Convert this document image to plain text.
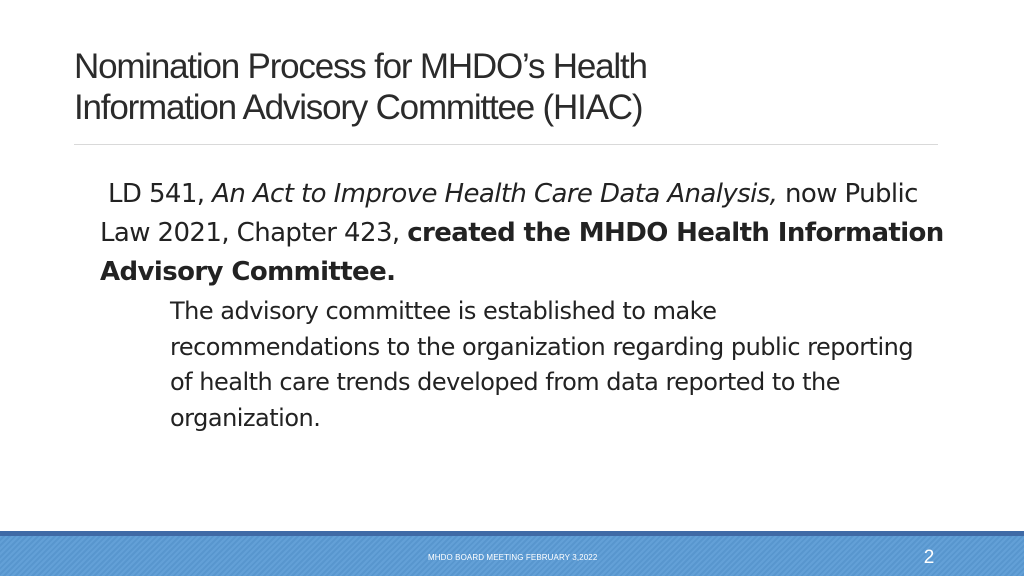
Nomination Process for MHDO’s Health
Information Advisory Committee (HIAC)

LD 541, An Act to Improve Health Care Data Analysis, now Public Law 2021, Chapter 423, created the MHDO Health Information Advisory Committee.

The advisory committee is established to make recommendations to the organization regarding public reporting of health care trends developed from data reported to the organization.

MHDO BOARD MEETING FEBRUARY 3,2022	2
